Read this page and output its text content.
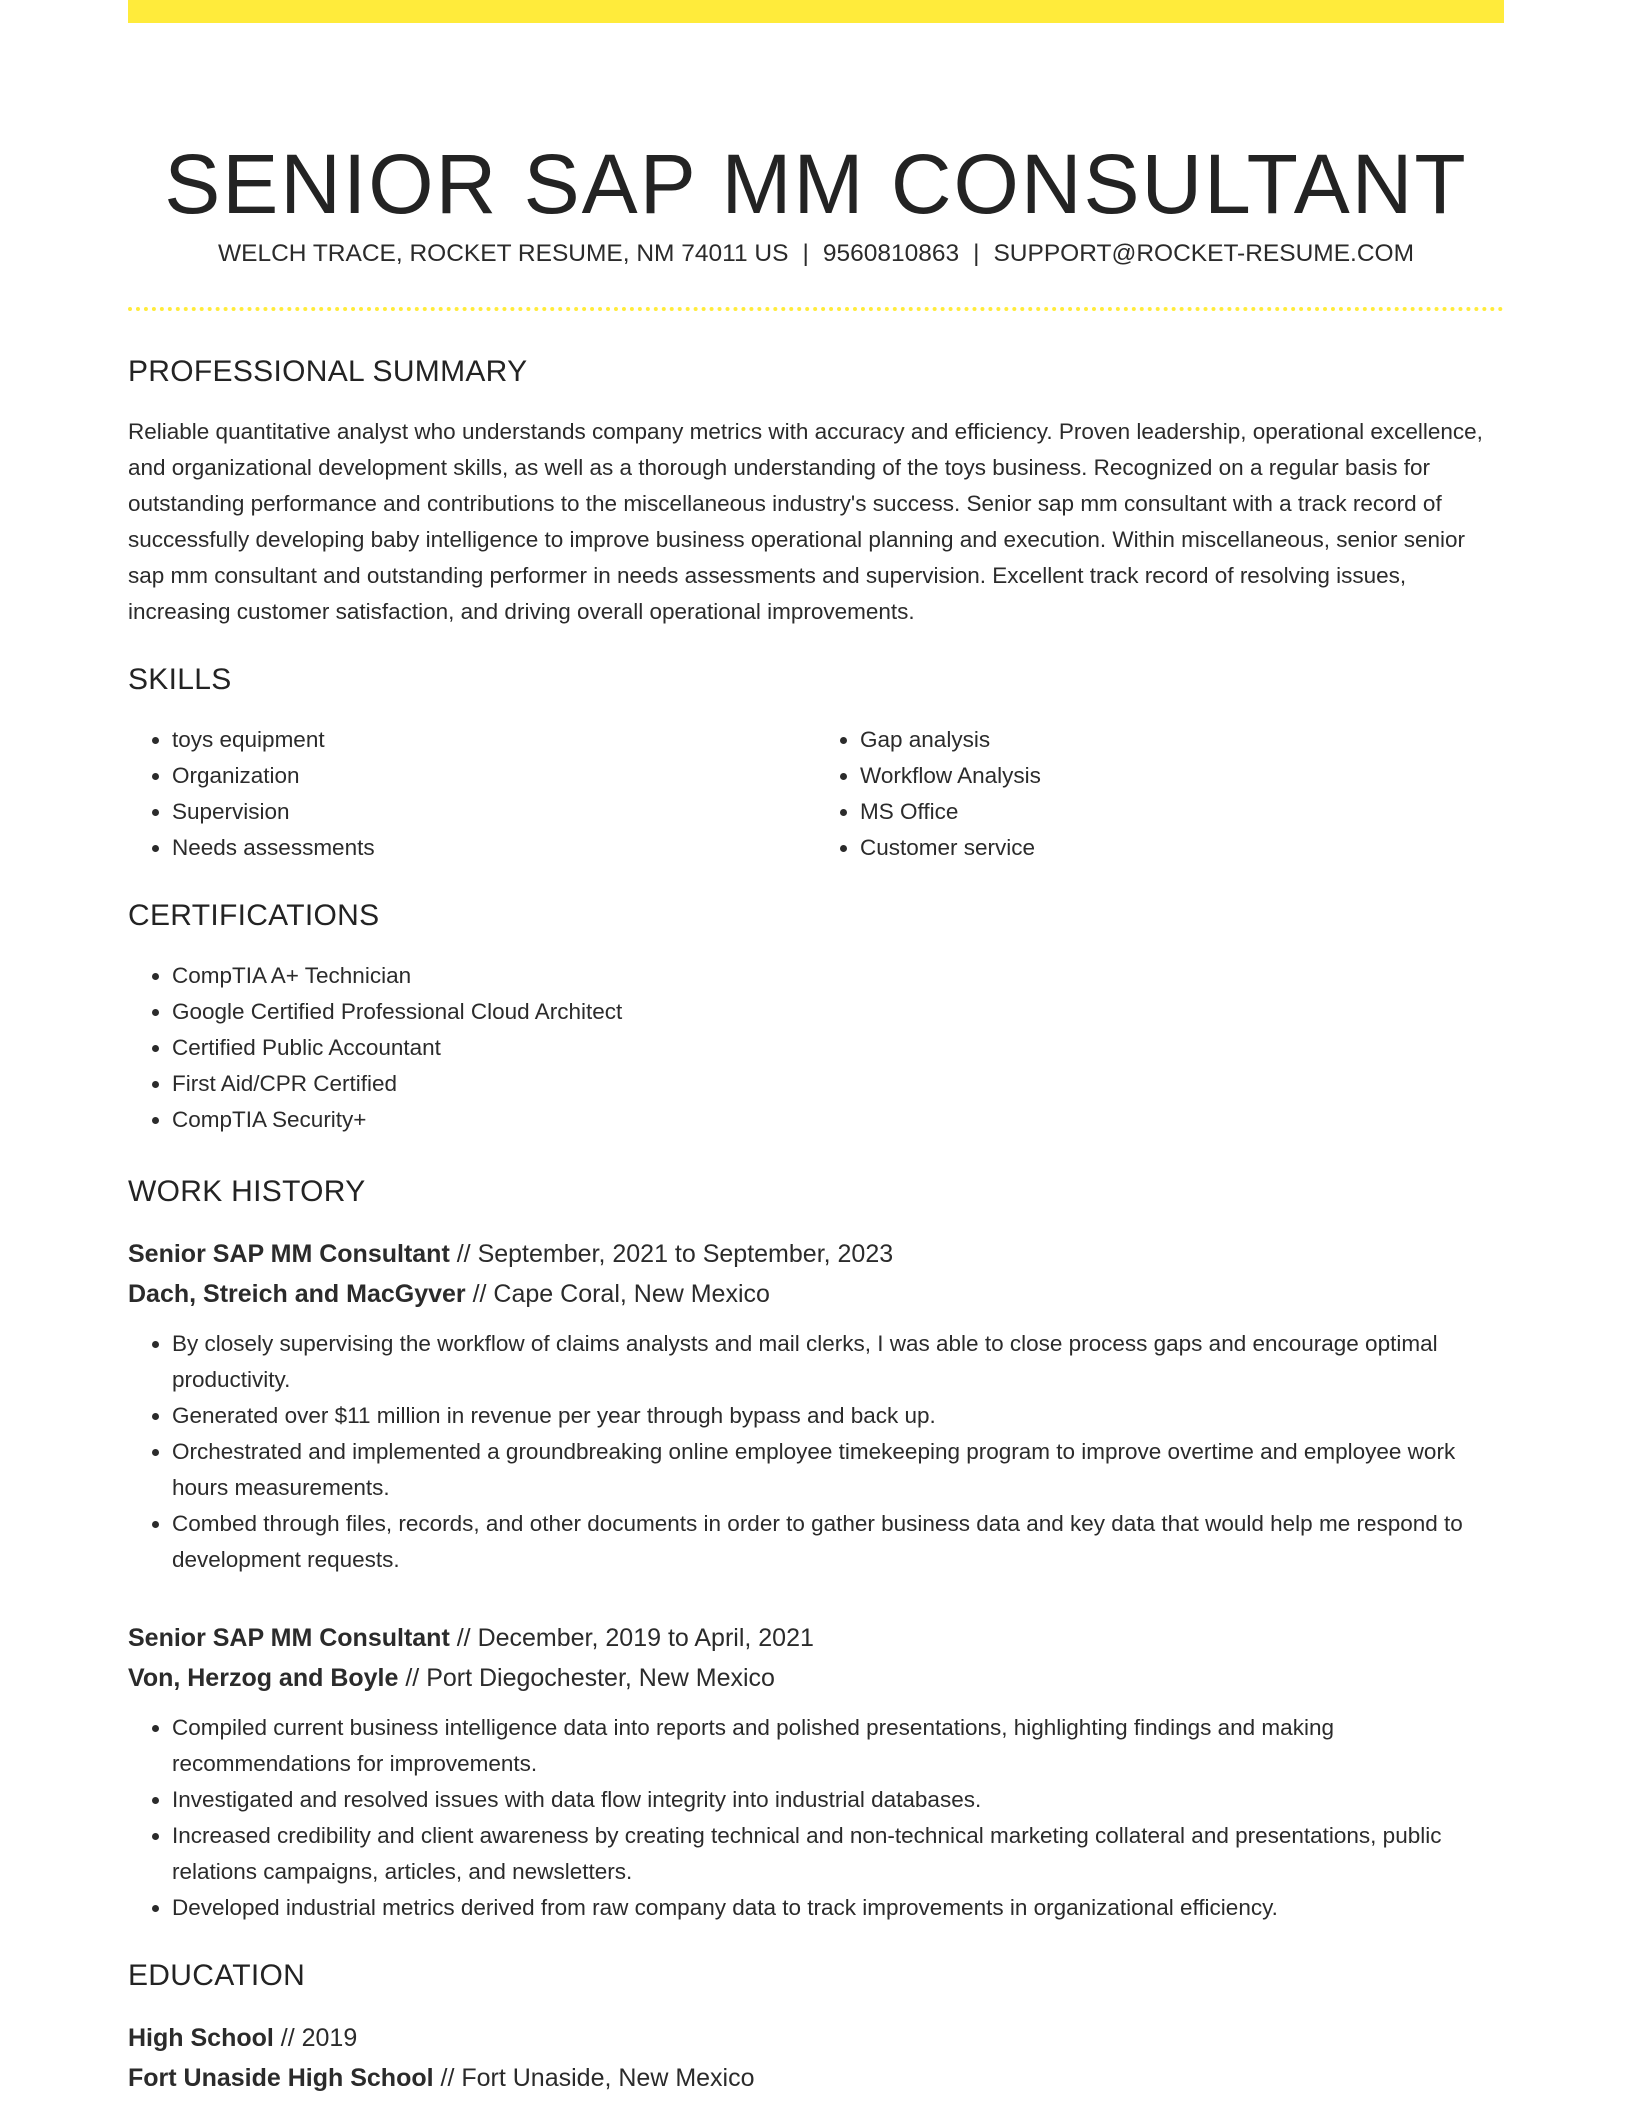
SENIOR SAP MM CONSULTANT
WELCH TRACE, ROCKET RESUME, NM 74011 US | 9560810863 | SUPPORT@ROCKET-RESUME.COM
PROFESSIONAL SUMMARY

Reliable quantitative analyst who understands company metrics with accuracy and efficiency. Proven leadership, operational excellence, and organizational development skills, as well as a thorough understanding of the toys business. Recognized on a regular basis for outstanding performance and contributions to the miscellaneous industry's success. Senior sap mm consultant with a track record of successfully developing baby intelligence to improve business operational planning and execution. Within miscellaneous, senior senior sap mm consultant and outstanding performer in needs assessments and supervision. Excellent track record of resolving issues, increasing customer satisfaction, and driving overall operational improvements.

SKILLS
• toys equipment
• Organization
• Supervision
• Needs assessments
• Gap analysis
• Workflow Analysis
• MS Office
• Customer service
CERTIFICATIONS
• CompTIA A+ Technician
• Google Certified Professional Cloud Architect
• Certified Public Accountant
• First Aid/CPR Certified
• CompTIA Security+
WORK HISTORY
Senior SAP MM Consultant // September, 2021 to September, 2023
Dach, Streich and MacGyver // Cape Coral, New Mexico
• By closely supervising the workflow of claims analysts and mail clerks, I was able to close process gaps and encourage optimal productivity.
• Generated over $11 million in revenue per year through bypass and back up.
• Orchestrated and implemented a groundbreaking online employee timekeeping program to improve overtime and employee work hours measurements.
• Combed through files, records, and other documents in order to gather business data and key data that would help me respond to development requests.
Senior SAP MM Consultant // December, 2019 to April, 2021
Von, Herzog and Boyle // Port Diegochester, New Mexico
• Compiled current business intelligence data into reports and polished presentations, highlighting findings and making recommendations for improvements.
• Investigated and resolved issues with data flow integrity into industrial databases.
• Increased credibility and client awareness by creating technical and non-technical marketing collateral and presentations, public relations campaigns, articles, and newsletters.
• Developed industrial metrics derived from raw company data to track improvements in organizational efficiency.
EDUCATION
High School // 2019
Fort Unaside High School // Fort Unaside, New Mexico
